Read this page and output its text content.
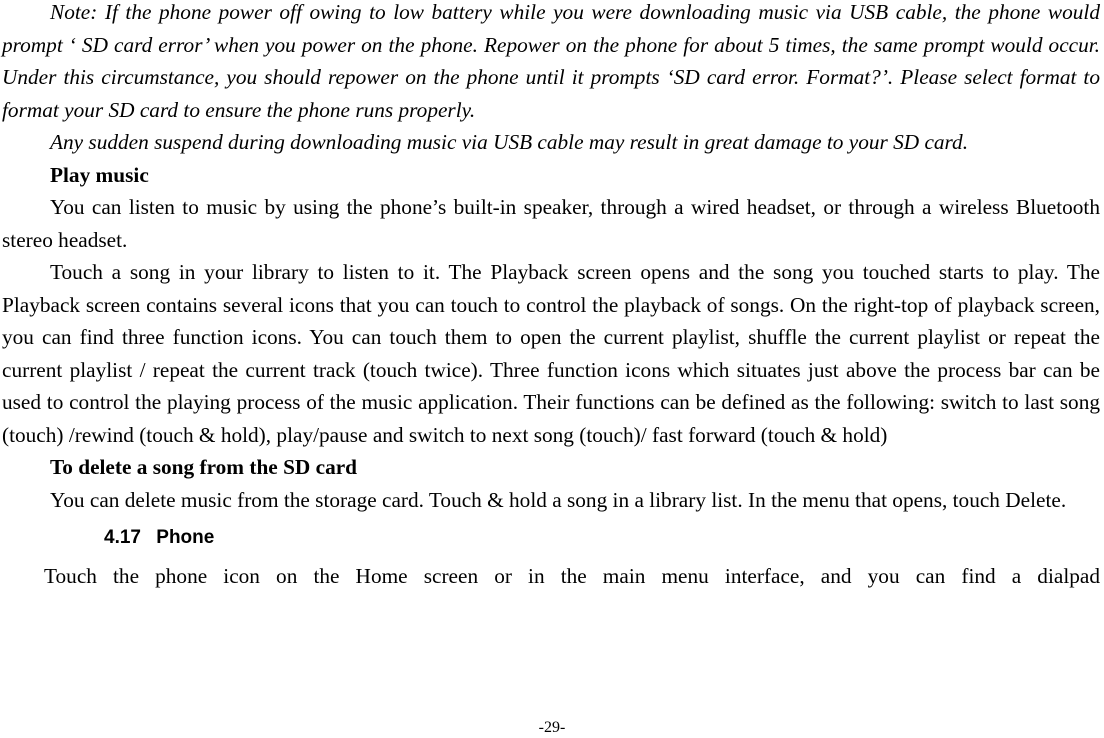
Note: If the phone power off owing to low battery while you were downloading music via USB cable, the phone would prompt ‘ SD card error’ when you power on the phone. Repower on the phone for about 5 times, the same prompt would occur. Under this circumstance, you should repower on the phone until it prompts ‘SD card error. Format?’. Please select format to format your SD card to ensure the phone runs properly.

Any sudden suspend during downloading music via USB cable may result in great damage to your SD card.

Play music

You can listen to music by using the phone’s built-in speaker, through a wired headset, or through a wireless Bluetooth stereo headset.

Touch a song in your library to listen to it. The Playback screen opens and the song you touched starts to play. The Playback screen contains several icons that you can touch to control the playback of songs. On the right-top of playback screen, you can find three function icons. You can touch them to open the current playlist, shuffle the current playlist or repeat the current playlist / repeat the current track (touch twice). Three function icons which situates just above the process bar can be used to control the playing process of the music application. Their functions can be defined as the following: switch to last song (touch) /rewind (touch & hold), play/pause and switch to next song (touch)/ fast forward (touch & hold)

To delete a song from the SD card

You can delete music from the storage card. Touch & hold a song in a library list. In the menu that opens, touch Delete.

4.17 Phone

Touch the phone icon on the Home screen or in the main menu interface, and you can find a dialpad

-29-
